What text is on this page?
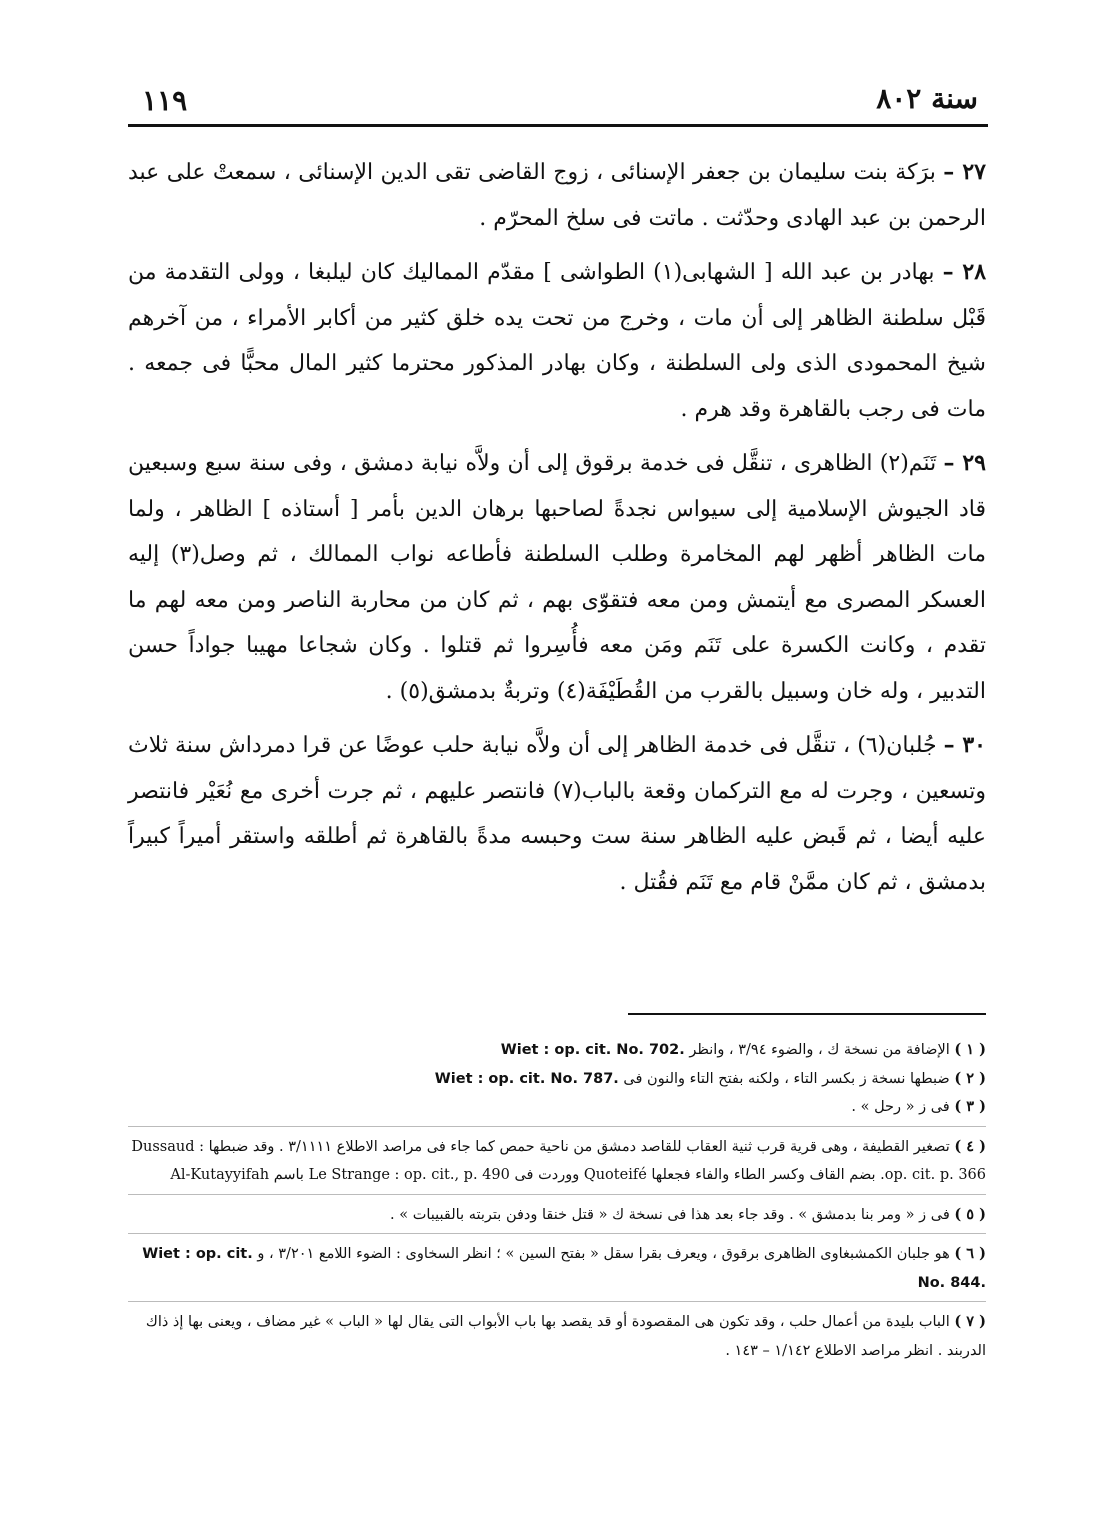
سنة ٨٠٢
١١٩

٢٧ – برَكة بنت سليمان بن جعفر الإسنائى ، زوج القاضى تقى الدين الإسنائى ، سمعتْ على عبد الرحمن بن عبد الهادى وحدّثت . ماتت فى سلخ المحرّم .

٢٨ – بهادر بن عبد الله [ الشهابى(١) الطواشى ] مقدّم المماليك كان ليلبغا ، وولى التقدمة من قَبْل سلطنة الظاهر إلى أن مات ، وخرج من تحت يده خلق كثير من أكابر الأمراء ، من آخرهم شيخ المحمودى الذى ولى السلطنة ، وكان بهادر المذكور محترما كثير المال محبًّا فى جمعه . مات فى رجب بالقاهرة وقد هرم .

٢٩ – تَنَم(٢) الظاهرى ، تنقَّل فى خدمة برقوق إلى أن ولاَّه نيابة دمشق ، وفى سنة سبع وسبعين قاد الجيوش الإسلامية إلى سيواس نجدةً لصاحبها برهان الدين بأمر [ أستاذه ] الظاهر ، ولما مات الظاهر أظهر لهم المخامرة وطلب السلطنة فأطاعه نواب الممالك ، ثم وصل(٣) إليه العسكر المصرى مع أيتمش ومن معه فتقوّى بهم ، ثم كان من محاربة الناصر ومن معه لهم ما تقدم ، وكانت الكسرة على تَنَم ومَن معه فأُسِروا ثم قتلوا . وكان شجاعا مهيبا جواداً حسن التدبير ، وله خان وسبيل بالقرب من القُطَيْفَة(٤) وتربةٌ بدمشق(٥) .

٣٠ – جُلبان(٦) ، تنقَّل فى خدمة الظاهر إلى أن ولاَّه نيابة حلب عوضًا عن قرا دمرداش سنة ثلاث وتسعين ، وجرت له مع التركمان وقعة بالباب(٧) فانتصر عليهم ، ثم جرت أخرى مع نُعَيْر فانتصر عليه أيضا ، ثم قَبض عليه الظاهر سنة ست وحبسه مدةً بالقاهرة ثم أطلقه واستقر أميراً كبيراً بدمشق ، ثم كان ممَّنْ قام مع تَنَم فقُتل .

( ١ ) الإضافة من نسخة ك ، والضوء ٣/٩٤ ، وانظر Wiet : op. cit. No. 702.

( ٢ ) ضبطها نسخة ز بكسر التاء ، ولكنه بفتح التاء والنون فى Wiet : op. cit. No. 787.

( ٣ ) فى ز « رحل » .

( ٤ ) تصغير القطيفة ، وهى قرية قرب ثنية العقاب للقاصد دمشق من ناحية حمص كما جاء فى مراصد الاطلاع ٣/١١١١ . وقد ضبطها Dussaud : op. cit. p. 366. بضم القاف وكسر الطاء والفاء فجعلها Quoteifé ووردت فى Le Strange : op. cit., p. 490 باسم Al-Kutayyifah

( ٥ ) فى ز « ومر بنا بدمشق » . وقد جاء بعد هذا فى نسخة ك « قتل خنقا ودفن بتربته بالقبيبات » .

( ٦ ) هو جلبان الكمشبغاوى الظاهرى برقوق ، ويعرف بقرا سقل « بفتح السين » ؛ انظر السخاوى : الضوء اللامع ٣/٢٠١ ، و Wiet : op. cit. No. 844.

( ٧ ) الباب بليدة من أعمال حلب ، وقد تكون هى المقصودة أو قد يقصد بها باب الأبواب التى يقال لها « الباب » غير مضاف ، ويعنى بها إذ ذاك الدربند . انظر مراصد الاطلاع ١/١٤٢ – ١٤٣ .
